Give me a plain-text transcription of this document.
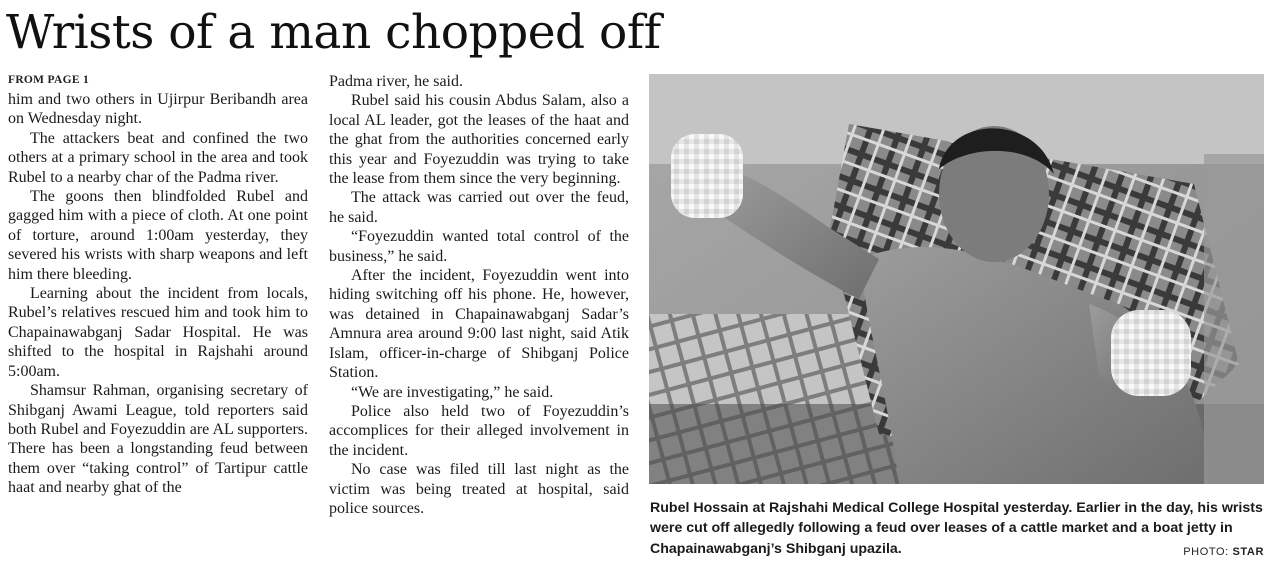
Wrists of a man chopped off
FROM PAGE 1

him and two others in Ujirpur Beribandh area on Wednesday night.

The attackers beat and confined the two others at a primary school in the area and took Rubel to a nearby char of the Padma river.

The goons then blindfolded Rubel and gagged him with a piece of cloth. At one point of torture, around 1:00am yesterday, they severed his wrists with sharp weapons and left him there bleeding.

Learning about the incident from locals, Rubel’s relatives rescued him and took him to Chapainawabganj Sadar Hospital. He was shifted to the hospital in Rajshahi around 5:00am.

Shamsur Rahman, organising secretary of Shibganj Awami League, told reporters said both Rubel and Foyezuddin are AL supporters. There has been a longstanding feud between them over “taking control” of Tartipur cattle haat and nearby ghat of the

Padma river, he said.

Rubel said his cousin Abdus Salam, also a local AL leader, got the leases of the haat and the ghat from the authorities concerned early this year and Foyezuddin was trying to take the lease from them since the very beginning.

The attack was carried out over the feud, he said.

“Foyezuddin wanted total control of the business,” he said.

After the incident, Foyezuddin went into hiding switching off his phone. He, however, was detained in Chapainawabganj Sadar’s Amnura area around 9:00 last night, said Atik Islam, officer-in-charge of Shibganj Police Station.

“We are investigating,” he said.

Police also held two of Foyezuddin’s accomplices for their alleged involvement in the incident.

No case was filed till last night as the victim was being treated at hospital, said police sources.	Rubel Hossain at Rajshahi Medical College Hospital yesterday. Earlier in the day, his wrists were cut off allegedly following a feud over leases of a cattle market and a boat jetty in Chapainawabganj’s Shibganj upazila.	PHOTO: STAR
